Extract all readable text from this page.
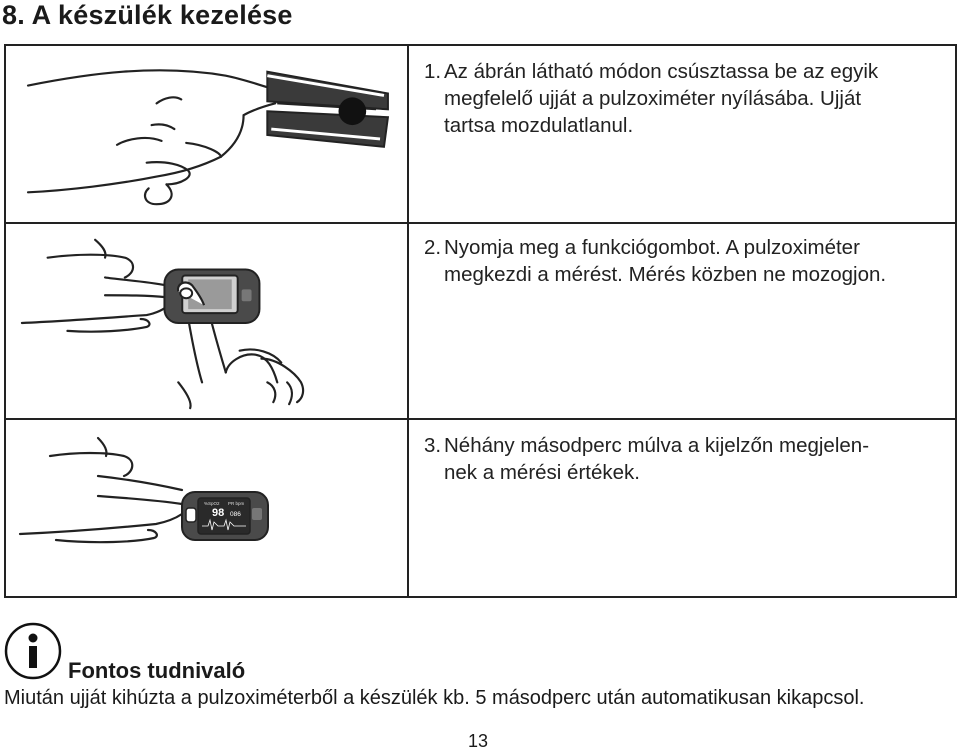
8. A készülék kezelése
1. Az ábrán látható módon csúsztassa be az egyik
megfelelő ujját a pulzoximéter nyílásába. Ujját
tartsa mozdulatlanul.
2. Nyomja meg a funkciógombot. A pulzoximéter
megkezdi a mérést. Mérés közben ne mozogjon.
%SpO2 PR bpm
98 086
3. Néhány másodperc múlva a kijelzőn megjelen-
nek a mérési értékek.
Fontos tudnivaló
Miután ujját kihúzta a pulzoximéterből a készülék kb. 5 másodperc után automatikusan kikapcsol.
13
